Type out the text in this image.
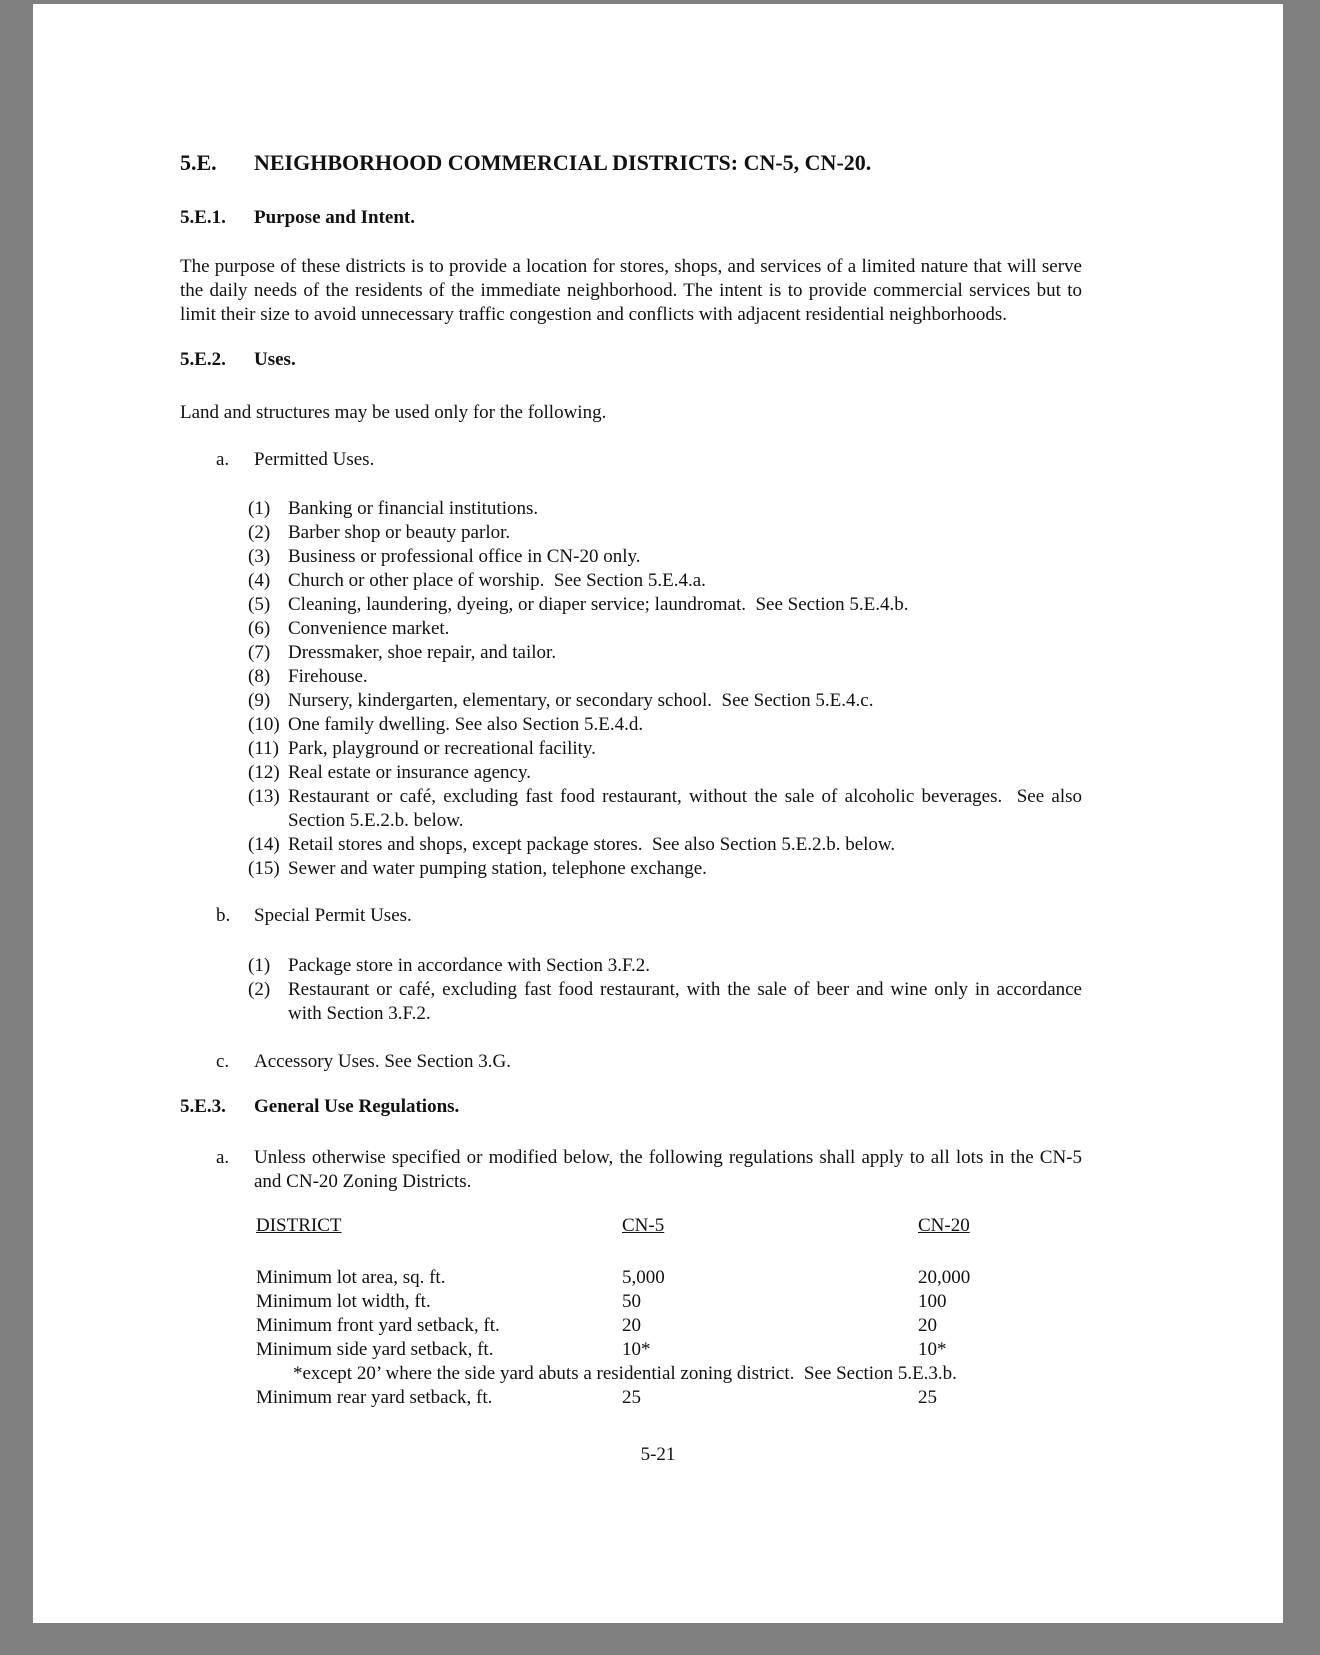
5.E.	NEIGHBORHOOD COMMERCIAL DISTRICTS: CN-5, CN-20.
5.E.1.	Purpose and Intent.
The purpose of these districts is to provide a location for stores, shops, and services of a limited nature that will serve the daily needs of the residents of the immediate neighborhood. The intent is to provide commercial services but to limit their size to avoid unnecessary traffic congestion and conflicts with adjacent residential neighborhoods.
5.E.2.	Uses.
Land and structures may be used only for the following.
a.	Permitted Uses.
(1) Banking or financial institutions.
(2) Barber shop or beauty parlor.
(3) Business or professional office in CN-20 only.
(4) Church or other place of worship.  See Section 5.E.4.a.
(5) Cleaning, laundering, dyeing, or diaper service; laundromat.  See Section 5.E.4.b.
(6) Convenience market.
(7) Dressmaker, shoe repair, and tailor.
(8) Firehouse.
(9) Nursery, kindergarten, elementary, or secondary school.  See Section 5.E.4.c.
(10) One family dwelling. See also Section 5.E.4.d.
(11) Park, playground or recreational facility.
(12) Real estate or insurance agency.
(13) Restaurant or café, excluding fast food restaurant, without the sale of alcoholic beverages.  See also Section 5.E.2.b. below.
(14) Retail stores and shops, except package stores.  See also Section 5.E.2.b. below.
(15) Sewer and water pumping station, telephone exchange.
b.	Special Permit Uses.
(1) Package store in accordance with Section 3.F.2.
(2) Restaurant or café, excluding fast food restaurant, with the sale of beer and wine only in accordance with Section 3.F.2.
c.	Accessory Uses. See Section 3.G.
5.E.3.	General Use Regulations.
a.	Unless otherwise specified or modified below, the following regulations shall apply to all lots in the CN-5 and CN-20 Zoning Districts.
DISTRICT	CN-5	CN-20
Minimum lot area, sq. ft.	5,000	20,000
Minimum lot width, ft.	50	100
Minimum front yard setback, ft.	20	20
Minimum side yard setback, ft.	10*	10*
*except 20’ where the side yard abuts a residential zoning district.  See Section 5.E.3.b.
Minimum rear yard setback, ft.	25	25
5-21
